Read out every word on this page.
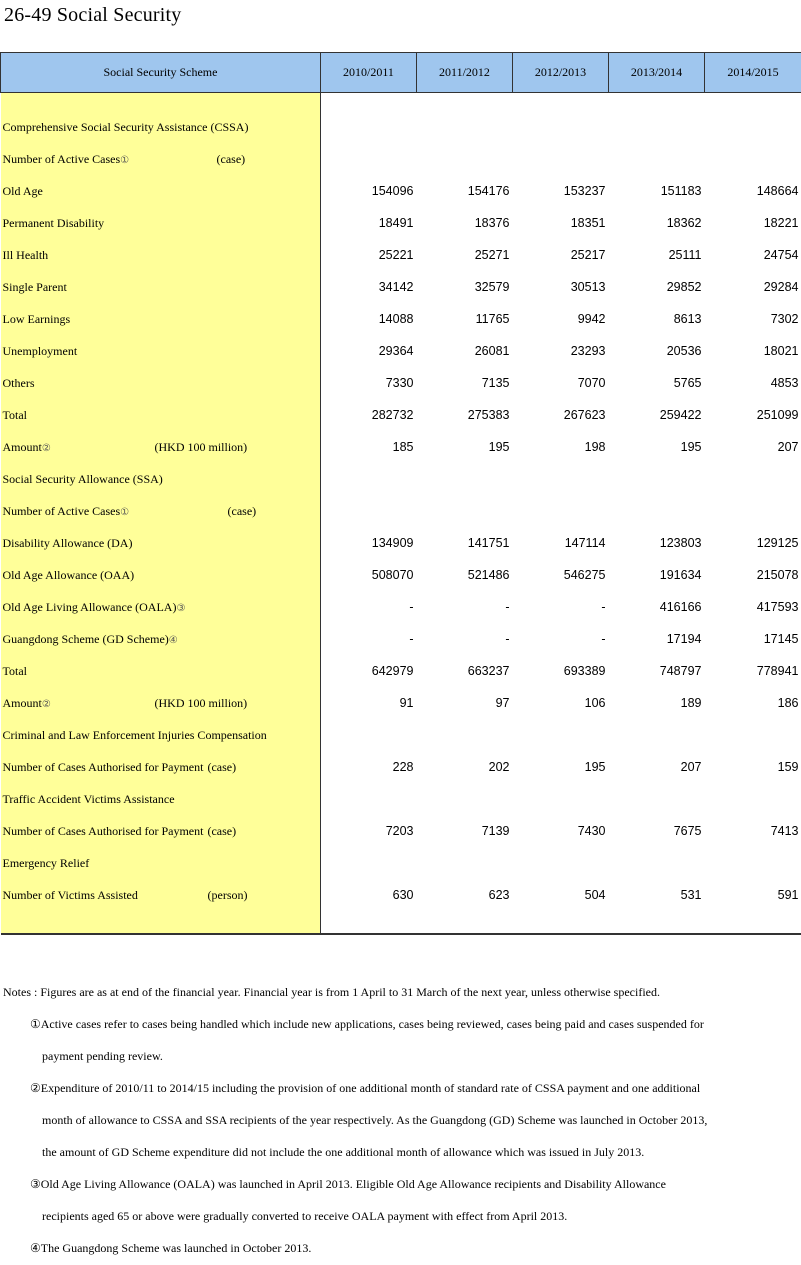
26-49 Social Security
Social Security Scheme	2010/2011	2011/2012	2012/2013	2013/2014	2014/2015

Comprehensive Social Security Assistance (CSSA)					
Number of Active Cases① (case)					

Old Age	154096	154176	153237	151183	148664
Permanent Disability	18491	18376	18351	18362	18221
Ill Health	25221	25271	25217	25111	24754
Single Parent	34142	32579	30513	29852	29284
Low Earnings	14088	11765	9942	8613	7302
Unemployment	29364	26081	23293	20536	18021
Others	7330	7135	7070	5765	4853
Total	282732	275383	267623	259422	251099
Amount② (HKD 100 million)	185	195	198	195	207
Social Security Allowance (SSA)					
Number of Active Cases① (case)					

Disability Allowance (DA)	134909	141751	147114	123803	129125
Old Age Allowance (OAA)	508070	521486	546275	191634	215078
Old Age Living Allowance (OALA)③	-	-	-	416166	417593
Guangdong Scheme (GD Scheme)④	-	-	-	17194	17145
Total	642979	663237	693389	748797	778941
Amount② (HKD 100 million)	91	97	106	189	186
Criminal and Law Enforcement Injuries Compensation					
Number of Cases Authorised for Payment (case)	228	202	195	207	159
Traffic Accident Victims Assistance					
Number of Cases Authorised for Payment (case)	7203	7139	7430	7675	7413
Emergency Relief					
Number of Victims Assisted (person)	630	623	504	531	591

Notes : Figures are as at end of the financial year. Financial year is from 1 April to 31 March of the next year, unless otherwise specified.
①Active cases refer to cases being handled which include new applications, cases being reviewed, cases being paid and cases suspended for
payment pending review.
②Expenditure of 2010/11 to 2014/15 including the provision of one additional month of standard rate of CSSA payment and one additional
month of allowance to CSSA and SSA recipients of the year respectively. As the Guangdong (GD) Scheme was launched in October 2013,
the amount of GD Scheme expenditure did not include the one additional month of allowance which was issued in July 2013.
③Old Age Living Allowance (OALA) was launched in April 2013. Eligible Old Age Allowance recipients and Disability Allowance
recipients aged 65 or above were gradually converted to receive OALA payment with effect from April 2013.
④The Guangdong Scheme was launched in October 2013.
